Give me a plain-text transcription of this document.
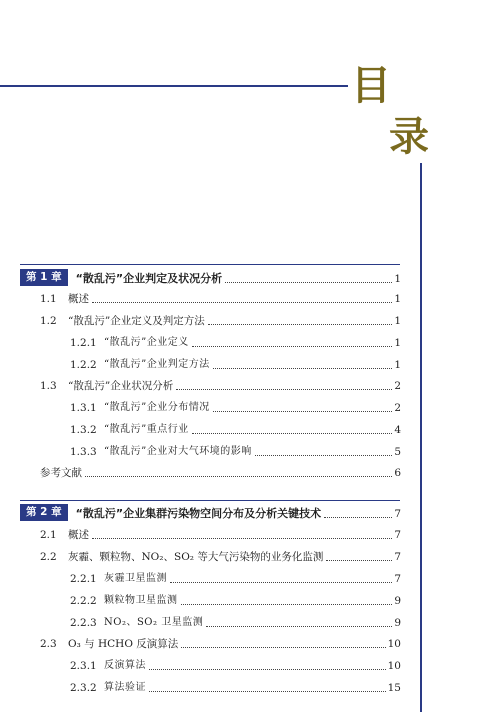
目
录
第 1 章	“散乱污”企业判定及状况分析	1
1.1	概述	1
1.2	“散乱污”企业定义及判定方法	1
1.2.1 “散乱污”企业定义	1
1.2.2 “散乱污”企业判定方法	1
1.3	“散乱污”企业状况分析	2
1.3.1 “散乱污”企业分布情况	2
1.3.2 “散乱污”重点行业	4
1.3.3 “散乱污”企业对大气环境的影响	5
参考文献	6
第 2 章	“散乱污”企业集群污染物空间分布及分析关键技术	7
2.1	概述	7
2.2	灰霾、颗粒物、NO₂、SO₂ 等大气污染物的业务化监测	7
2.2.1 灰霾卫星监测	7
2.2.2 颗粒物卫星监测	9
2.2.3 NO₂、SO₂ 卫星监测	9
2.3	O₃ 与 HCHO 反演算法	10
2.3.1 反演算法	10
2.3.2 算法验证	15
